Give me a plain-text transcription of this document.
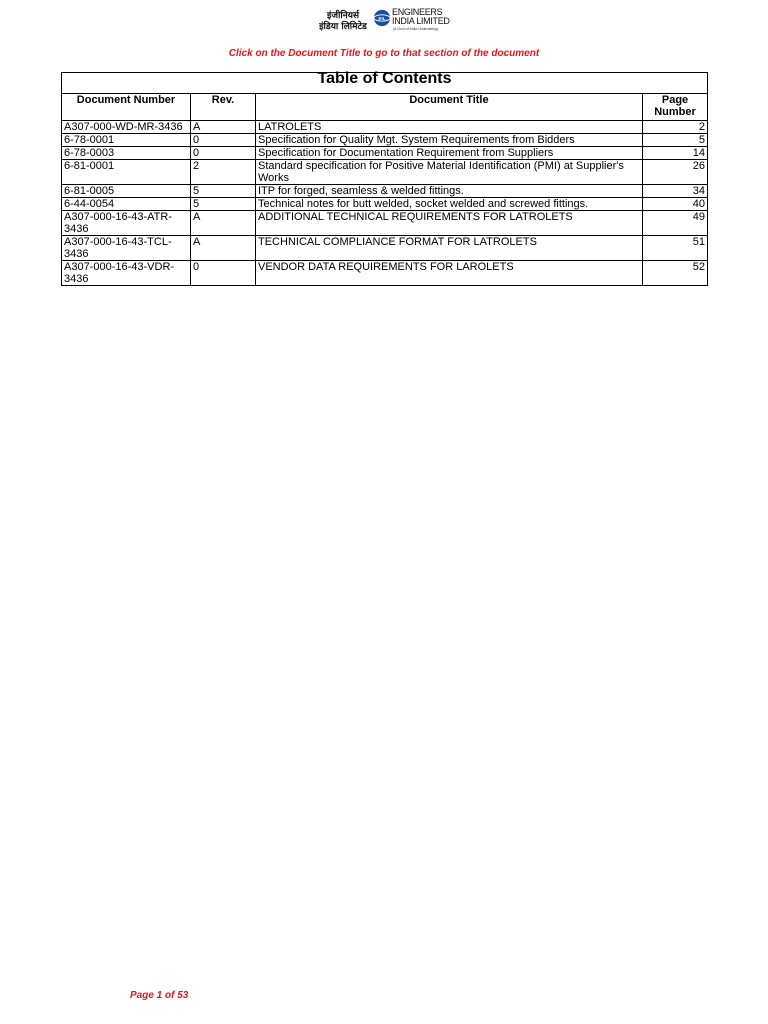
इंजीनियर्स
इंडिया लिमिटेड
EIL
ENGINEERS
INDIA LIMITED
(A Govt of India Undertaking)
Click on the Document Title to go to that section of the document
Table of Contents			
Document Number	Rev.	Document Title	Page Number
A307-000-WD-MR-3436	A	LATROLETS	2
6-78-0001	0	Specification for Quality Mgt. System Requirements from Bidders	5
6-78-0003	0	Specification for Documentation Requirement from Suppliers	14
6-81-0001	2	Standard specification for Positive Material Identification (PMI) at Supplier's Works	26
6-81-0005	5	ITP for forged, seamless & welded fittings.	34
6-44-0054	5	Technical notes for butt welded, socket welded and screwed fittings.	40
A307-000-16-43-ATR-3436	A	ADDITIONAL TECHNICAL REQUIREMENTS FOR LATROLETS	49
A307-000-16-43-TCL-3436	A	TECHNICAL COMPLIANCE FORMAT FOR LATROLETS	51
A307-000-16-43-VDR-3436	0	VENDOR DATA REQUIREMENTS FOR LAROLETS	52
Page 1 of 53
